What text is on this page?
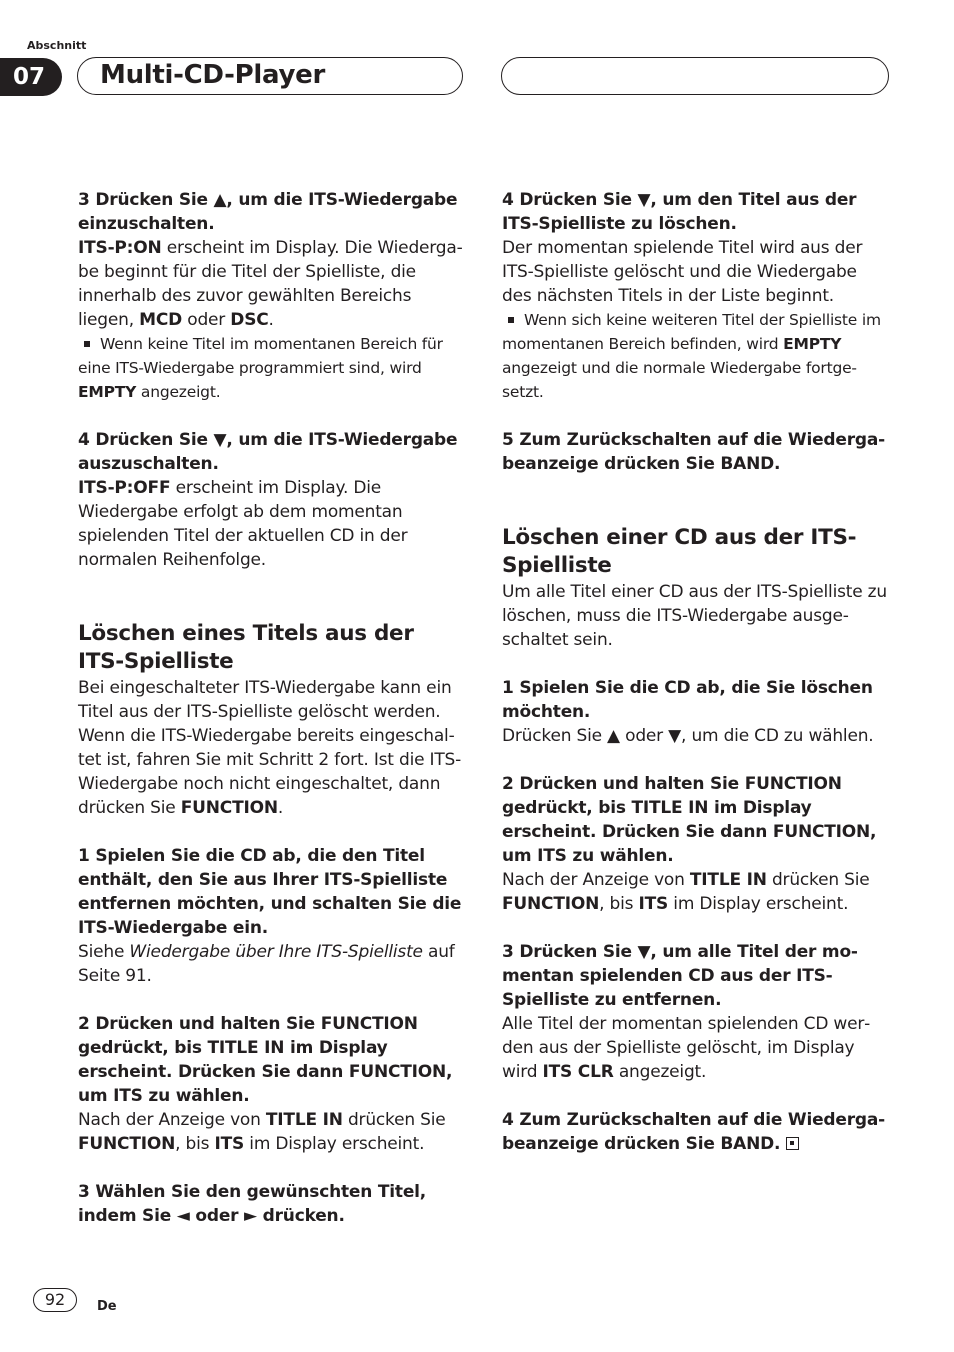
Abschnitt
07	Multi-CD-Player

3 Drücken Sie ▲, um die ITS-Wiedergabe einzuschalten.

ITS-P:ON erscheint im Display. Die Wiedergabe beginnt für die Titel der Spielliste, die innerhalb des zuvor gewählten Bereichs liegen, MCD oder DSC.

Wenn keine Titel im momentanen Bereich für eine ITS-Wiedergabe programmiert sind, wird EMPTY angezeigt.

4 Drücken Sie ▼, um die ITS-Wiedergabe auszuschalten.

ITS-P:OFF erscheint im Display. Die Wiedergabe erfolgt ab dem momentan spielenden Titel der aktuellen CD in der normalen Reihenfolge.

Löschen eines Titels aus der ITS-Spielliste

Bei eingeschalteter ITS-Wiedergabe kann ein Titel aus der ITS-Spielliste gelöscht werden. Wenn die ITS-Wiedergabe bereits eingeschaltet ist, fahren Sie mit Schritt 2 fort. Ist die ITS-Wiedergabe noch nicht eingeschaltet, dann drücken Sie FUNCTION.

1 Spielen Sie die CD ab, die den Titel enthält, den Sie aus Ihrer ITS-Spielliste entfernen möchten, und schalten Sie die ITS-Wiedergabe ein.

Siehe Wiedergabe über Ihre ITS-Spielliste auf Seite 91.

2 Drücken und halten Sie FUNCTION gedrückt, bis TITLE IN im Display erscheint. Drücken Sie dann FUNCTION, um ITS zu wählen.

Nach der Anzeige von TITLE IN drücken Sie FUNCTION, bis ITS im Display erscheint.

3 Wählen Sie den gewünschten Titel, indem Sie ◄ oder ► drücken.

4 Drücken Sie ▼, um den Titel aus der ITS-Spielliste zu löschen.

Der momentan spielende Titel wird aus der ITS-Spielliste gelöscht und die Wiedergabe des nächsten Titels in der Liste beginnt.

Wenn sich keine weiteren Titel der Spielliste im momentanen Bereich befinden, wird EMPTY angezeigt und die normale Wiedergabe fortgesetzt.

5 Zum Zurückschalten auf die Wiedergabeanzeige drücken Sie BAND.

Löschen einer CD aus der ITS-Spielliste

Um alle Titel einer CD aus der ITS-Spielliste zu löschen, muss die ITS-Wiedergabe ausgeschaltet sein.

1 Spielen Sie die CD ab, die Sie löschen möchten.

Drücken Sie ▲ oder ▼, um die CD zu wählen.

2 Drücken und halten Sie FUNCTION gedrückt, bis TITLE IN im Display erscheint. Drücken Sie dann FUNCTION, um ITS zu wählen.

Nach der Anzeige von TITLE IN drücken Sie FUNCTION, bis ITS im Display erscheint.

3 Drücken Sie ▼, um alle Titel der momentan spielenden CD aus der ITS-Spielliste zu entfernen.

Alle Titel der momentan spielenden CD werden aus der Spielliste gelöscht, im Display wird ITS CLR angezeigt.

4 Zum Zurückschalten auf die Wiedergabeanzeige drücken Sie BAND.

92	De
